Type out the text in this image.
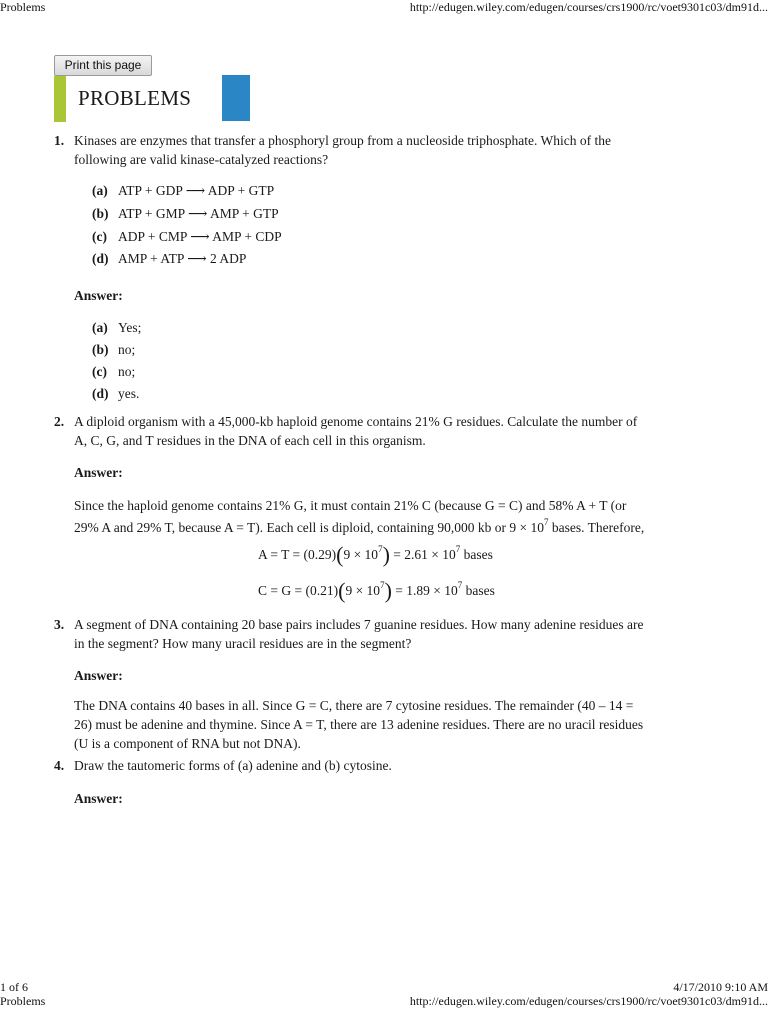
Problems	http://edugen.wiley.com/edugen/courses/crs1900/rc/voet9301c03/dm91d...
Print this page
PROBLEMS
1. Kinases are enzymes that transfer a phosphoryl group from a nucleoside triphosphate. Which of the
following are valid kinase-catalyzed reactions?
(a) ATP + GDP ⟶ ADP + GTP
(b) ATP + GMP ⟶ AMP + GTP
(c) ADP + CMP ⟶ AMP + CDP
(d) AMP + ATP ⟶ 2 ADP
Answer:
(a) Yes;
(b) no;
(c) no;
(d) yes.
2. A diploid organism with a 45,000-kb haploid genome contains 21% G residues. Calculate the number of
A, C, G, and T residues in the DNA of each cell in this organism.
Answer:
Since the haploid genome contains 21% G, it must contain 21% C (because G = C) and 58% A + T (or
29% A and 29% T, because A = T). Each cell is diploid, containing 90,000 kb or $9 \times 10^7$ bases. Therefore,
$A = T = (0.29)(9 \times 10^7) = 2.61 \times 10^7$ bases
$C = G = (0.21)(9 \times 10^7) = 1.89 \times 10^7$ bases
3. A segment of DNA containing 20 base pairs includes 7 guanine residues. How many adenine residues are
in the segment? How many uracil residues are in the segment?
Answer:
The DNA contains 40 bases in all. Since G = C, there are 7 cytosine residues. The remainder (40 – 14 =
26) must be adenine and thymine. Since A = T, there are 13 adenine residues. There are no uracil residues
(U is a component of RNA but not DNA).
4. Draw the tautomeric forms of (a) adenine and (b) cytosine.
Answer:
1 of 6	4/17/2010 9:10 AM
Problems	http://edugen.wiley.com/edugen/courses/crs1900/rc/voet9301c03/dm91d...
